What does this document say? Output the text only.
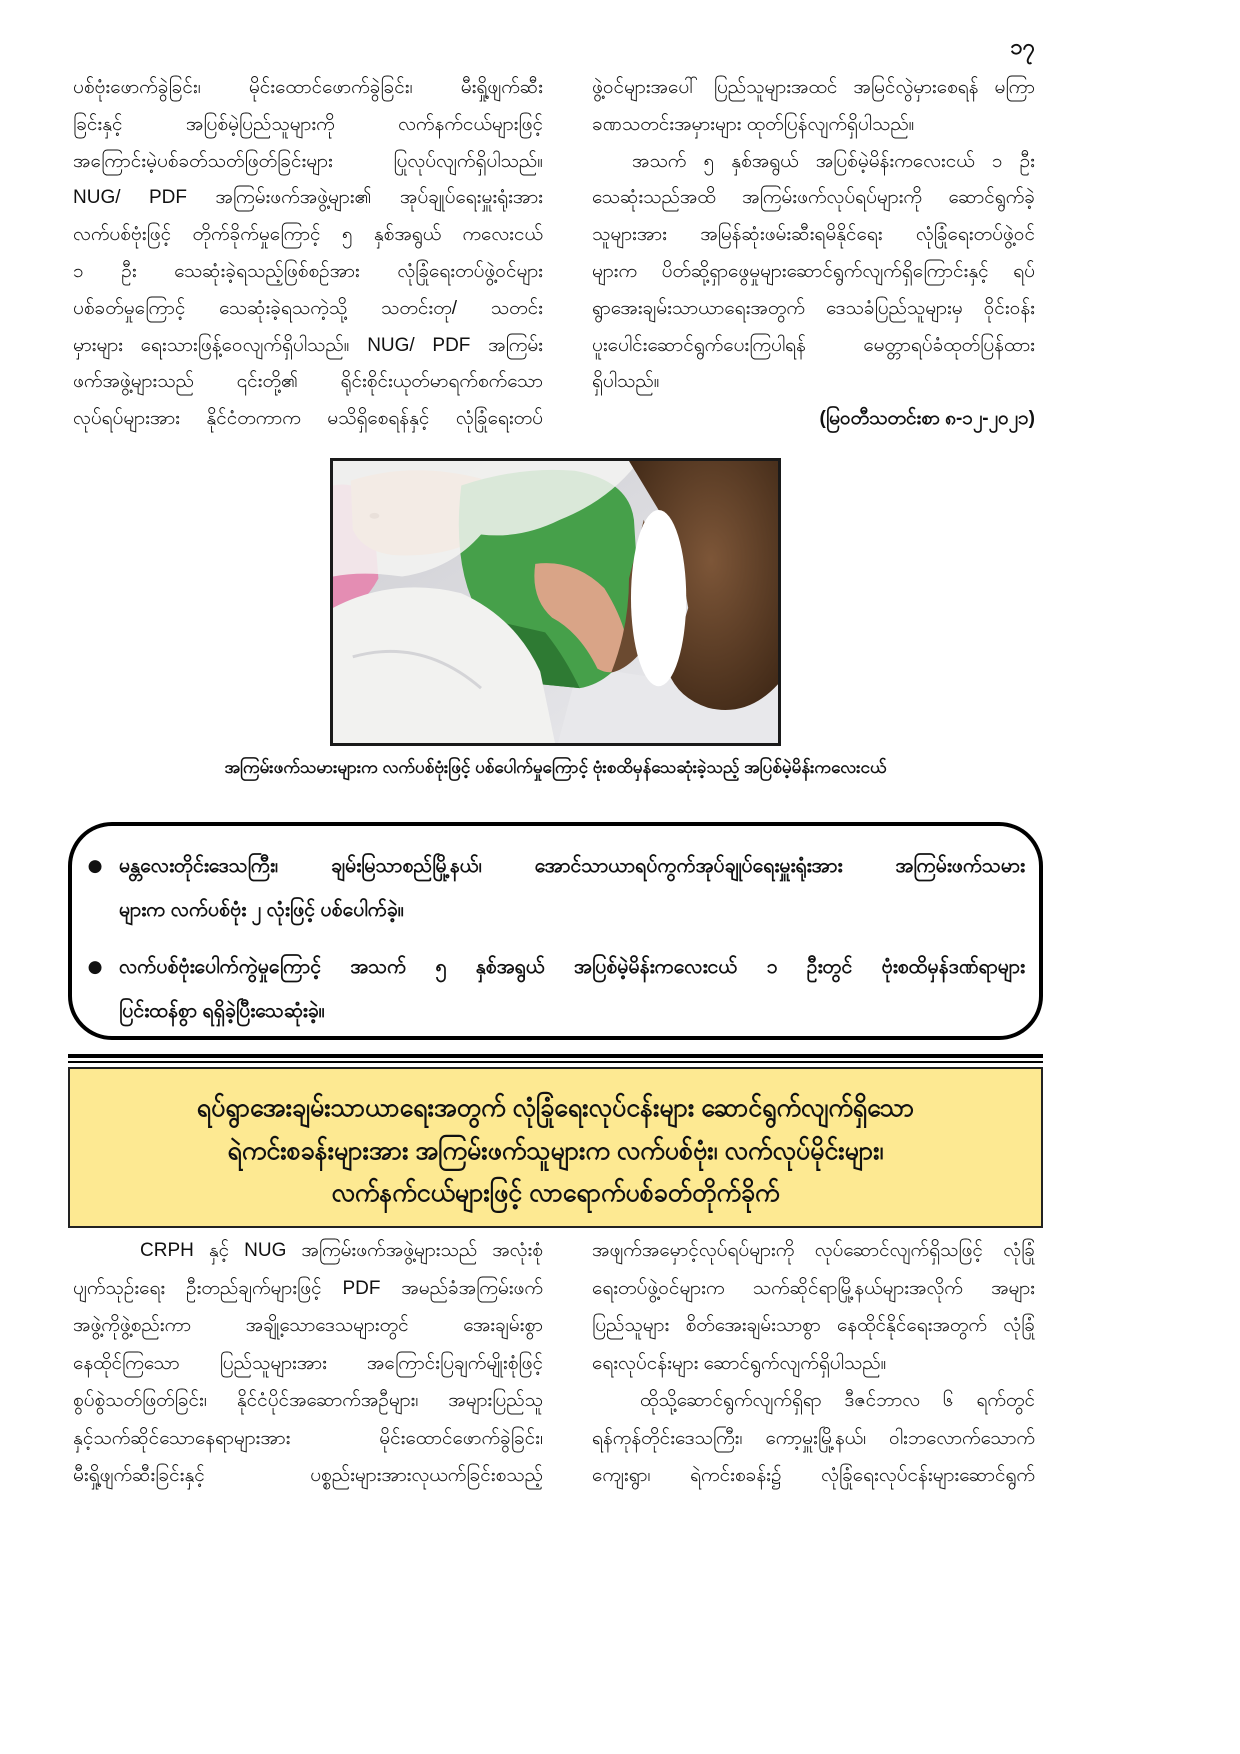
၁၇
ပစ်ဗုံးဖောက်ခွဲခြင်း၊ မိုင်းထောင်ဖောက်ခွဲခြင်း၊ မီးရှို့ဖျက်ဆီး
ခြင်းနှင့် အပြစ်မဲ့ပြည်သူများကို လက်နက်ငယ်များဖြင့်
အကြောင်းမဲ့ပစ်ခတ်သတ်ဖြတ်ခြင်းများ ပြုလုပ်လျက်ရှိပါသည်။
NUG/ PDF အကြမ်းဖက်အဖွဲ့များ၏ အုပ်ချုပ်ရေးမှူးရုံးအား
လက်ပစ်ဗုံးဖြင့် တိုက်ခိုက်မှုကြောင့် ၅ နှစ်အရွယ် ကလေးငယ်
၁ ဦး သေဆုံးခဲ့ရသည့်ဖြစ်စဉ်အား လုံခြုံရေးတပ်ဖွဲ့ဝင်များ
ပစ်ခတ်မှုကြောင့် သေဆုံးခဲ့ရသကဲ့သို့ သတင်းတု/ သတင်း
မှားများ ရေးသားဖြန့်ဝေလျက်ရှိပါသည်။ NUG/ PDF အကြမ်း
ဖက်အဖွဲ့များသည် ၎င်းတို့၏ ရိုင်းစိုင်းယုတ်မာရက်စက်သော
လုပ်ရပ်များအား နိုင်ငံတကာက မသိရှိစေရန်နှင့် လုံခြုံရေးတပ်
ဖွဲ့ဝင်များအပေါ် ပြည်သူများအထင် အမြင်လွဲမှားစေရန် မကြာ
ခဏသတင်းအမှားများ ထုတ်ပြန်လျက်ရှိပါသည်။
အသက် ၅ နှစ်အရွယ် အပြစ်မဲ့မိန်းကလေးငယ် ၁ ဦး
သေဆုံးသည်အထိ အကြမ်းဖက်လုပ်ရပ်များကို ဆောင်ရွက်ခဲ့
သူများအား အမြန်ဆုံးဖမ်းဆီးရမိနိုင်ရေး လုံခြုံရေးတပ်ဖွဲ့ဝင်
များက ပိတ်ဆို့ရှာဖွေမှုများဆောင်ရွက်လျက်ရှိကြောင်းနှင့် ရပ်
ရွာအေးချမ်းသာယာရေးအတွက် ဒေသခံပြည်သူများမှ ဝိုင်းဝန်း
ပူးပေါင်းဆောင်ရွက်ပေးကြပါရန် မေတ္တာရပ်ခံထုတ်ပြန်ထား
ရှိပါသည်။
(မြဝတီသတင်းစာ ၈-၁၂-၂၀၂၁)
အကြမ်းဖက်သမားများက လက်ပစ်ဗုံးဖြင့် ပစ်ပေါက်မှုကြောင့် ဗုံးစထိမှန်သေဆုံးခဲ့သည့် အပြစ်မဲ့မိန်းကလေးငယ်
● မန္တလေးတိုင်းဒေသကြီး၊ ချမ်းမြသာစည်မြို့နယ်၊ အောင်သာယာရပ်ကွက်အုပ်ချုပ်ရေးမှူးရုံးအား အကြမ်းဖက်သမား
များက လက်ပစ်ဗုံး ၂ လုံးဖြင့် ပစ်ပေါက်ခဲ့။
● လက်ပစ်ဗုံးပေါက်ကွဲမှုကြောင့် အသက် ၅ နှစ်အရွယ် အပြစ်မဲ့မိန်းကလေးငယ် ၁ ဦးတွင် ဗုံးစထိမှန်ဒဏ်ရာများ
ပြင်းထန်စွာ ရရှိခဲ့ပြီးသေဆုံးခဲ့။
ရပ်ရွာအေးချမ်းသာယာရေးအတွက် လုံခြုံရေးလုပ်ငန်းများ ဆောင်ရွက်လျက်ရှိသော
ရဲကင်းစခန်းများအား အကြမ်းဖက်သူများက လက်ပစ်ဗုံး၊ လက်လုပ်မိုင်းများ၊
လက်နက်ငယ်များဖြင့် လာရောက်ပစ်ခတ်တိုက်ခိုက်
CRPH နှင့် NUG အကြမ်းဖက်အဖွဲ့များသည် အလုံးစုံ
ပျက်သုဉ်းရေး ဦးတည်ချက်များဖြင့် PDF အမည်ခံအကြမ်းဖက်
အဖွဲ့ကိုဖွဲ့စည်းကာ အချို့သောဒေသများတွင် အေးချမ်းစွာ
နေထိုင်ကြသော ပြည်သူများအား အကြောင်းပြချက်မျိုးစုံဖြင့်
စွပ်စွဲသတ်ဖြတ်ခြင်း၊ နိုင်ငံပိုင်အဆောက်အဦများ၊ အများပြည်သူ
နှင့်သက်ဆိုင်သောနေရာများအား မိုင်းထောင်ဖောက်ခွဲခြင်း၊
မီးရှို့ဖျက်ဆီးခြင်းနှင့် ပစ္စည်းများအားလုယက်ခြင်းစသည့်
အဖျက်အမှောင့်လုပ်ရပ်များကို လုပ်ဆောင်လျက်ရှိသဖြင့် လုံခြုံ
ရေးတပ်ဖွဲ့ဝင်များက သက်ဆိုင်ရာမြို့နယ်များအလိုက် အများ
ပြည်သူများ စိတ်အေးချမ်းသာစွာ နေထိုင်နိုင်ရေးအတွက် လုံခြုံ
ရေးလုပ်ငန်းများ ဆောင်ရွက်လျက်ရှိပါသည်။
ထိုသို့ဆောင်ရွက်လျက်ရှိရာ ဒီဇင်ဘာလ ၆ ရက်တွင်
ရန်ကုန်တိုင်းဒေသကြီး၊ ကော့မှူးမြို့နယ်၊ ဝါးဘလောက်သောက်
ကျေးရွာ၊ ရဲကင်းစခန်း၌ လုံခြုံရေးလုပ်ငန်းများဆောင်ရွက်
